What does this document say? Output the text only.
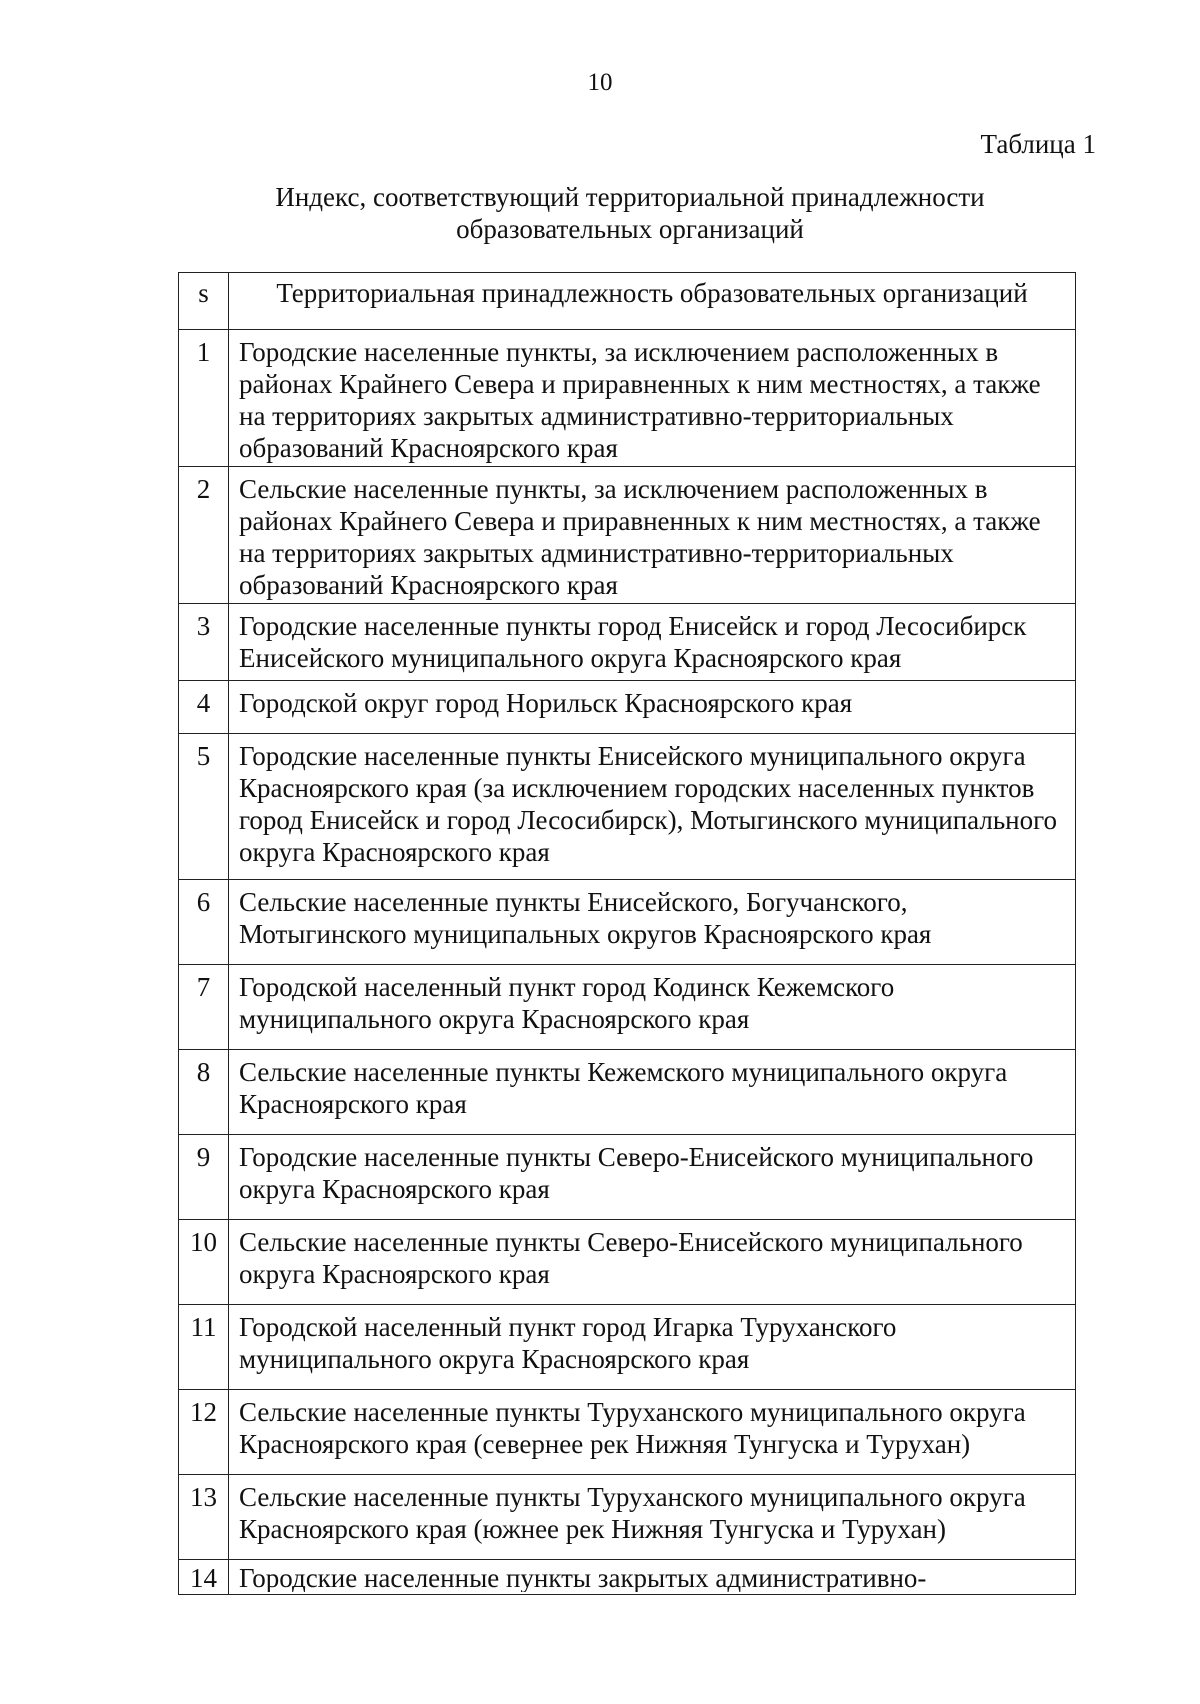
10
Таблица 1
Индекс, соответствующий территориальной принадлежности
образовательных организаций
s	Территориальная принадлежность образовательных организаций
1	Городские населенные пункты, за исключением расположенных в районах Крайнего Севера и приравненных к ним местностях, а также на территориях закрытых административно-территориальных образований Красноярского края
2	Сельские населенные пункты, за исключением расположенных в районах Крайнего Севера и приравненных к ним местностях, а также на территориях закрытых административно-территориальных образований Красноярского края
3	Городские населенные пункты город Енисейск и город Лесосибирск Енисейского муниципального округа Красноярского края
4	Городской округ город Норильск Красноярского края
5	Городские населенные пункты Енисейского муниципального округа Красноярского края (за исключением городских населенных пунктов город Енисейск и город Лесосибирск), Мотыгинского муниципального округа Красноярского края
6	Сельские населенные пункты Енисейского, Богучанского, Мотыгинского муниципальных округов Красноярского края
7	Городской населенный пункт город Кодинск Кежемского муниципального округа Красноярского края
8	Сельские населенные пункты Кежемского муниципального округа Красноярского края
9	Городские населенные пункты Северо-Енисейского муниципального округа Красноярского края
10	Сельские населенные пункты Северо-Енисейского муниципального округа Красноярского края
11	Городской населенный пункт город Игарка Туруханского муниципального округа Красноярского края
12	Сельские населенные пункты Туруханского муниципального округа Красноярского края (севернее рек Нижняя Тунгуска и Турухан)
13	Сельские населенные пункты Туруханского муниципального округа Красноярского края (южнее рек Нижняя Тунгуска и Турухан)
14	Городские населенные пункты закрытых административно-
